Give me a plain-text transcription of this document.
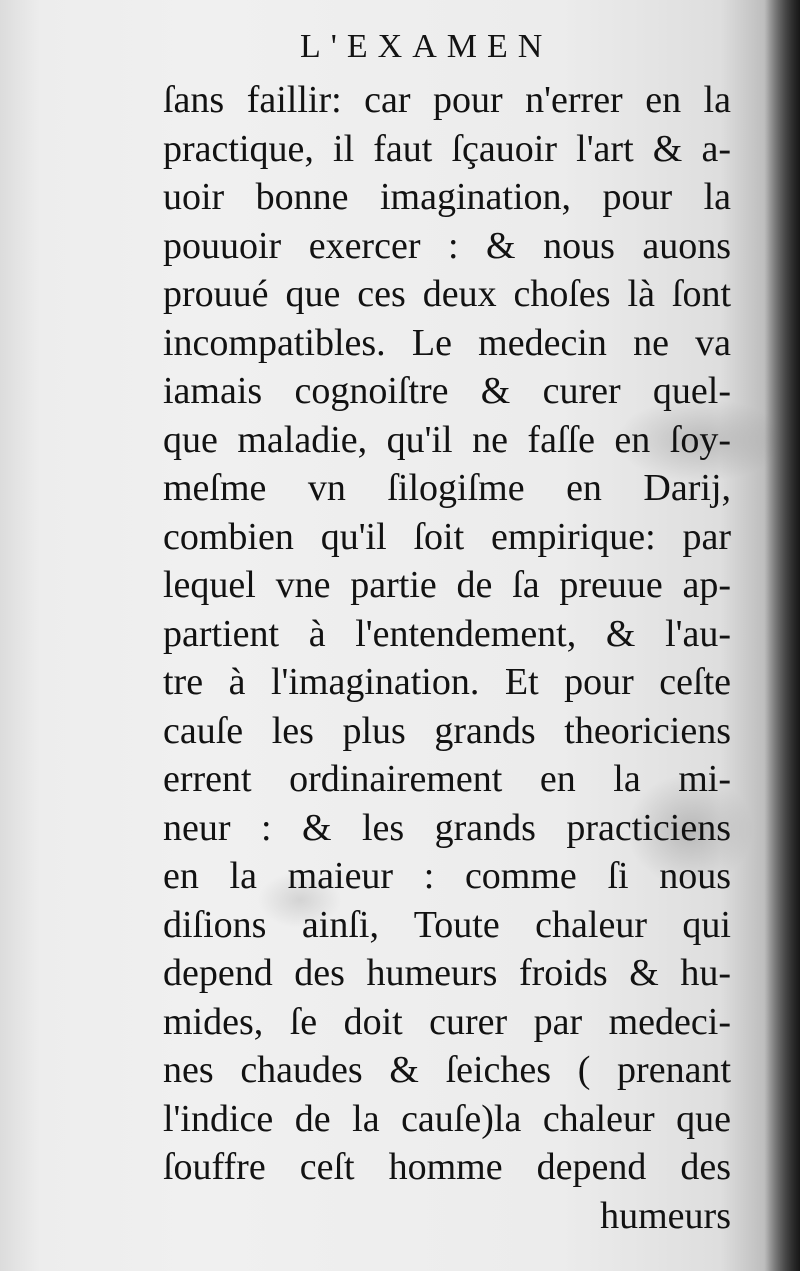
L'EXAMEN
ſans faillir: car pour n'errer en la
practique, il faut ſçauoir l'art & a-
uoir bonne imagination, pour la
pouuoir exercer : & nous auons
prouué que ces deux choſes là ſont
incompatibles. Le medecin ne va
iamais cognoiſtre & curer quel-
que maladie, qu'il ne faſſe en ſoy-
meſme vn ſilogiſme en Darij,
combien qu'il ſoit empirique: par
lequel vne partie de ſa preuue ap-
partient à l'entendement, & l'au-
tre à l'imagination. Et pour ceſte
cauſe les plus grands theoriciens
errent ordinairement en la mi-
neur : & les grands practiciens
en la maieur : comme ſi nous
diſions ainſi, Toute chaleur qui
depend des humeurs froids & hu-
mides, ſe doit curer par medeci-
nes chaudes & ſeiches ( prenant
l'indice de la cauſe)la chaleur que
ſouffre ceſt homme depend des
humeurs
